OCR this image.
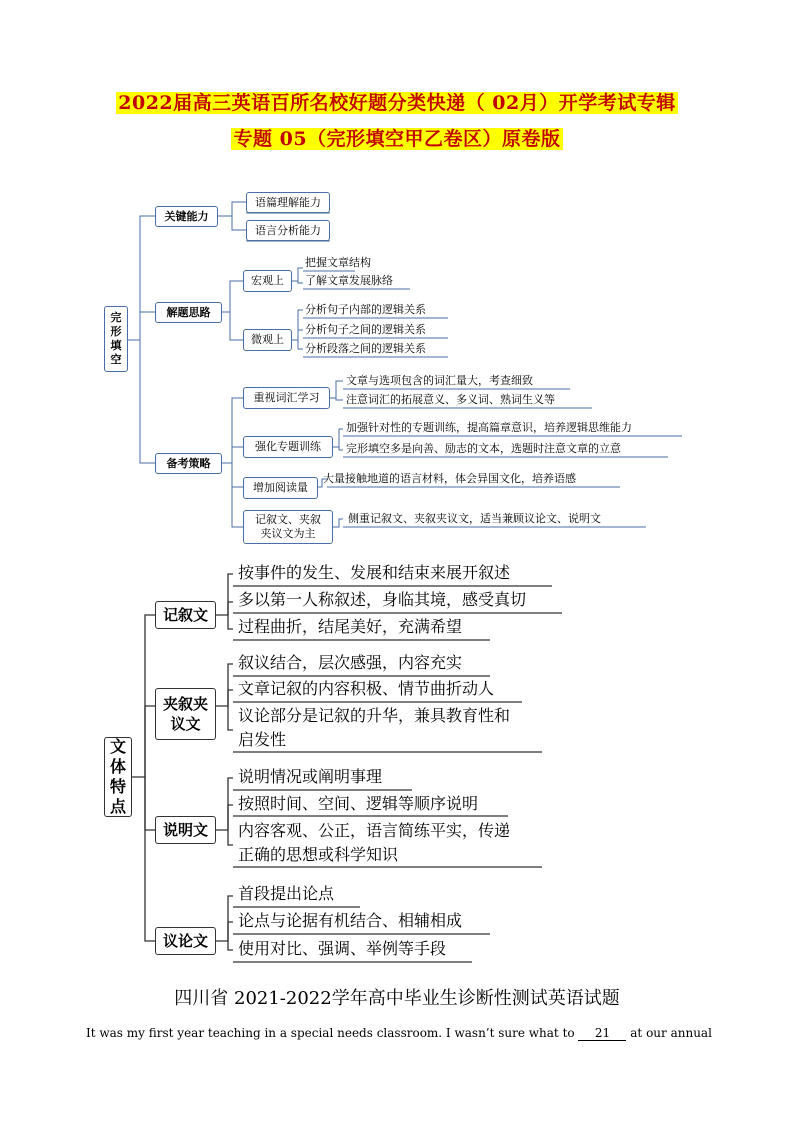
2022届高三英语百所名校好题分类快递（ 02月）开学考试专辑
专题 05（完形填空甲乙卷区）原卷版
完形填空
关键能力
语篇理解能力
语言分析能力
解题思路
宏观上
把握文章结构
了解文章发展脉络
微观上
分析句子内部的逻辑关系
分析句子之间的逻辑关系
分析段落之间的逻辑关系
备考策略
重视词汇学习
文章与选项包含的词汇量大，考查细致
注意词汇的拓展意义、多义词、熟词生义等
强化专题训练
加强针对性的专题训练，提高篇章意识，培养逻辑思维能力
完形填空多是向善、励志的文本，选题时注意文章的立意
增加阅读量
大量接触地道的语言材料，体会异国文化，培养语感
记叙文、夹叙夹议文为主
侧重记叙文、夹叙夹议文，适当兼顾议论文、说明文
文体特点
记叙文
按事件的发生、发展和结束来展开叙述
多以第一人称叙述，身临其境，感受真切
过程曲折，结尾美好，充满希望
夹叙夹议文
叙议结合，层次感强，内容充实
文章记叙的内容积极、情节曲折动人
议论部分是记叙的升华，兼具教育性和
启发性
说明文
说明情况或阐明事理
按照时间、空间、逻辑等顺序说明
内容客观、公正，语言简练平实，传递
正确的思想或科学知识
议论文
首段提出论点
论点与论据有机结合、相辅相成
使用对比、强调、举例等手段
四川省 2021-2022学年高中毕业生诊断性测试英语试题
It was my first year teaching in a special needs classroom. I wasn’t sure what to 21 at our annual
